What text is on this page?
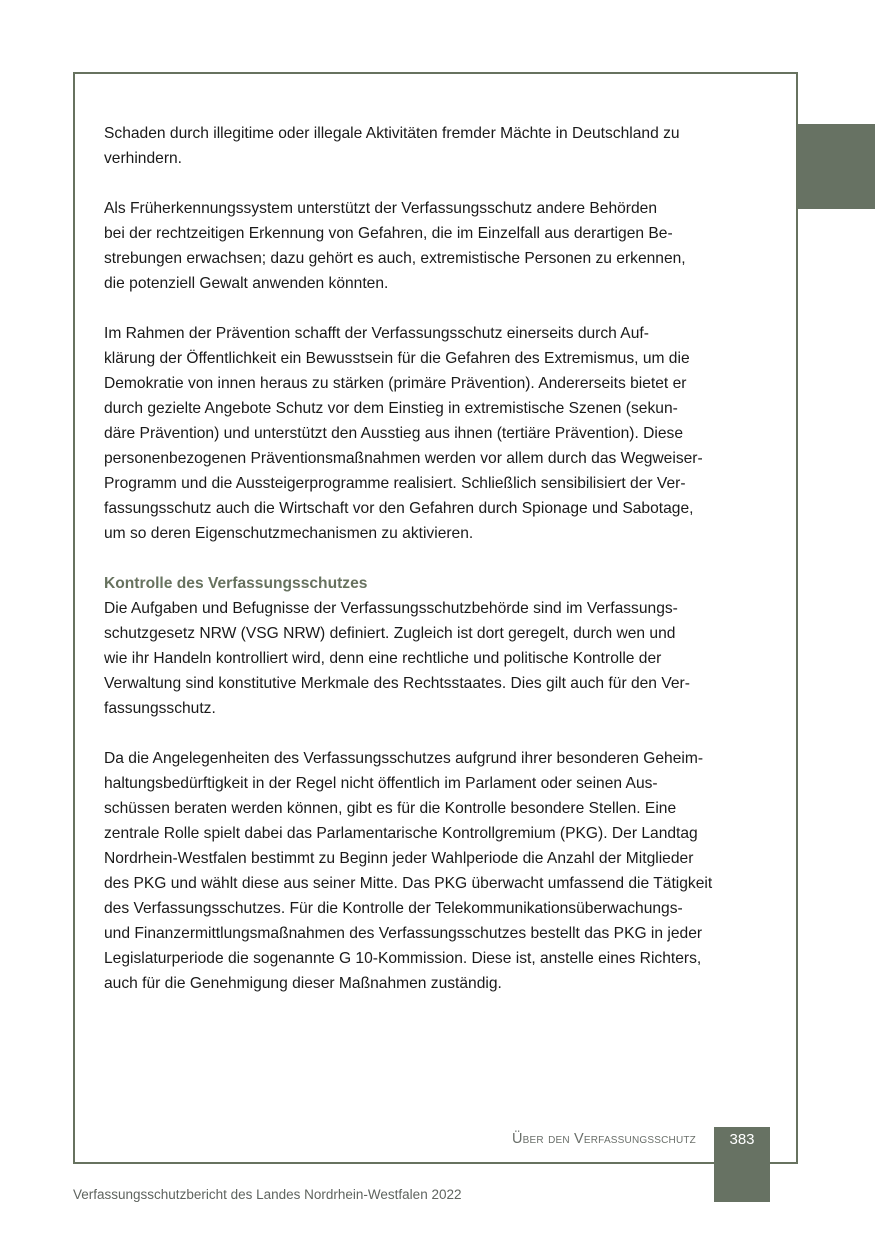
Schaden durch illegitime oder illegale Aktivitäten fremder Mächte in Deutschland zu
verhindern.

Als Früherkennungssystem unterstützt der Verfassungsschutz andere Behörden
bei der rechtzeitigen Erkennung von Gefahren, die im Einzelfall aus derartigen Be-
strebungen erwachsen; dazu gehört es auch, extremistische Personen zu erkennen,
die potenziell Gewalt anwenden könnten.

Im Rahmen der Prävention schafft der Verfassungsschutz einerseits durch Auf-
klärung der Öffentlichkeit ein Bewusstsein für die Gefahren des Extremismus, um die
Demokratie von innen heraus zu stärken (primäre Prävention). Andererseits bietet er
durch gezielte Angebote Schutz vor dem Einstieg in extremistische Szenen (sekun-
däre Prävention) und unterstützt den Ausstieg aus ihnen (tertiäre Prävention). Diese
personenbezogenen Präventionsmaßnahmen werden vor allem durch das Wegweiser-
Programm und die Aussteigerprogramme realisiert. Schließlich sensibilisiert der Ver-
fassungsschutz auch die Wirtschaft vor den Gefahren durch Spionage und Sabotage,
um so deren Eigenschutzmechanismen zu aktivieren.

Kontrolle des Verfassungsschutzes
Die Aufgaben und Befugnisse der Verfassungsschutzbehörde sind im Verfassungs-
schutzgesetz NRW (VSG NRW) definiert. Zugleich ist dort geregelt, durch wen und
wie ihr Handeln kontrolliert wird, denn eine rechtliche und politische Kontrolle der
Verwaltung sind konstitutive Merkmale des Rechtsstaates. Dies gilt auch für den Ver-
fassungsschutz.

Da die Angelegenheiten des Verfassungsschutzes aufgrund ihrer besonderen Geheim-
haltungsbedürftigkeit in der Regel nicht öffentlich im Parlament oder seinen Aus-
schüssen beraten werden können, gibt es für die Kontrolle besondere Stellen. Eine
zentrale Rolle spielt dabei das Parlamentarische Kontrollgremium (PKG). Der Landtag
Nordrhein-Westfalen bestimmt zu Beginn jeder Wahlperiode die Anzahl der Mitglieder
des PKG und wählt diese aus seiner Mitte. Das PKG überwacht umfassend die Tätigkeit
des Verfassungsschutzes. Für die Kontrolle der Telekommunikationsüberwachungs-
und Finanzermittlungsmaßnahmen des Verfassungsschutzes bestellt das PKG in jeder
Legislaturperiode die sogenannte G 10-Kommission. Diese ist, anstelle eines Richters,
auch für die Genehmigung dieser Maßnahmen zuständig.

Über den Verfassungsschutz	383
Verfassungsschutzbericht des Landes Nordrhein-Westfalen 2022
